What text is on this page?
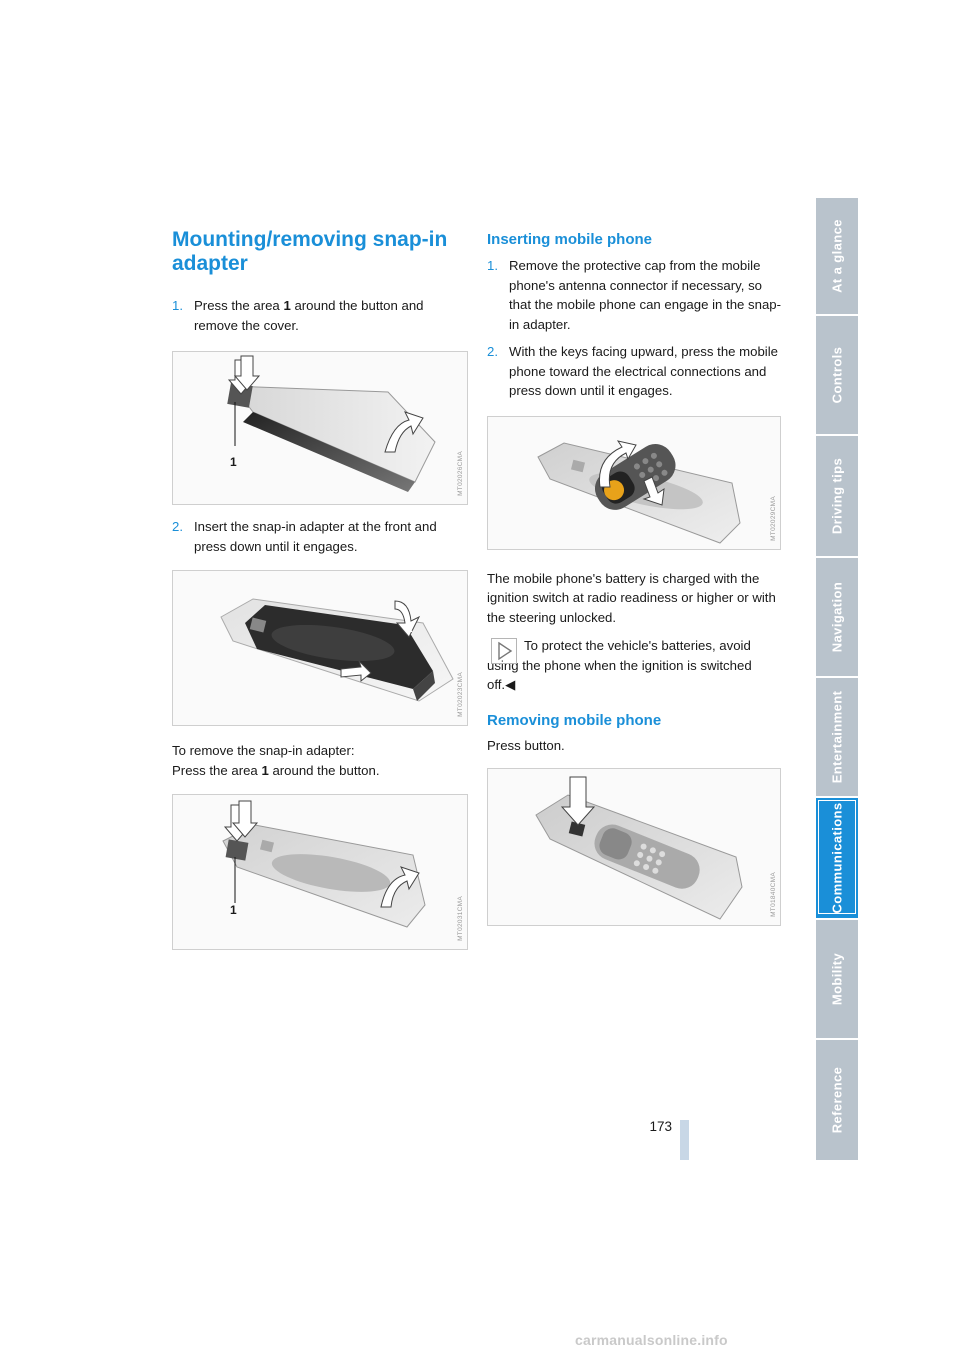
Mounting/removing snap-in adapter
1. Press the area 1 around the button and remove the cover.
1	MT02026CMA
2. Insert the snap-in adapter at the front and press down until it engages.
2
MT02023CMA

To remove the snap-in adapter:
Press the area 1 around the button.

1	MT02031CMA
Inserting mobile phone
1. Remove the protective cap from the mobile phone's antenna connector if necessary, so that the mobile phone can engage in the snap-in adapter.
2. With the keys facing upward, press the mobile phone toward the electrical connections and press down until it engages.
MT02029CMA

The mobile phone's battery is charged with the ignition switch at radio readiness or higher or with the steering unlocked.

To protect the vehicle's batteries, avoid using the phone when the ignition is switched off.◀

Removing mobile phone

Press button.

MT01840CMA
At a glance
Controls
Driving tips
Navigation
Entertainment
Communications
Mobility
Reference
173
carmanualsonline.info
